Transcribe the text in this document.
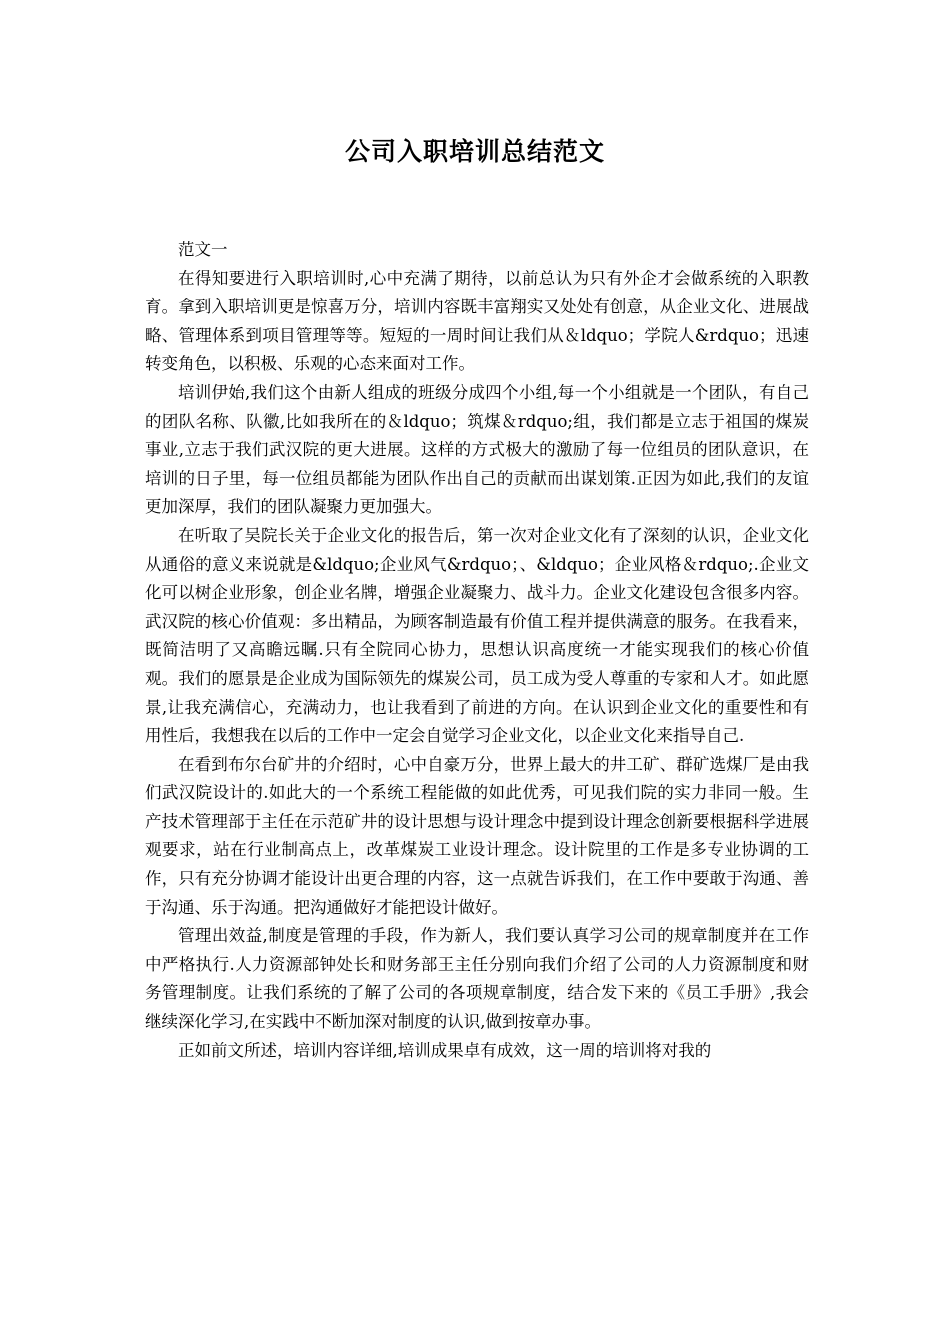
公司入职培训总结范文

范文一

在得知要进行入职培训时,心中充满了期待，以前总认为只有外企才会做系统的入职教育。拿到入职培训更是惊喜万分，培训内容既丰富翔实又处处有创意，从企业文化、进展战略、管理体系到项目管理等等。短短的一周时间让我们从＆ldquo；学院人&rdquo；迅速转变角色，以积极、乐观的心态来面对工作。

培训伊始,我们这个由新人组成的班级分成四个小组,每一个小组就是一个团队，有自己的团队名称、队徽,比如我所在的＆ldquo；筑煤＆rdquo;组，我们都是立志于祖国的煤炭事业,立志于我们武汉院的更大进展。这样的方式极大的激励了每一位组员的团队意识，在培训的日子里，每一位组员都能为团队作出自己的贡献而出谋划策.正因为如此,我们的友谊更加深厚，我们的团队凝聚力更加强大。

在听取了吴院长关于企业文化的报告后，第一次对企业文化有了深刻的认识，企业文化从通俗的意义来说就是&ldquo;企业风气&rdquo；、&ldquo；企业风格＆rdquo;.企业文化可以树企业形象，创企业名牌，增强企业凝聚力、战斗力。企业文化建设包含很多内容。武汉院的核心价值观：多出精品，为顾客制造最有价值工程并提供满意的服务。在我看来，既简洁明了又高瞻远瞩.只有全院同心协力，思想认识高度统一才能实现我们的核心价值观。我们的愿景是企业成为国际领先的煤炭公司，员工成为受人尊重的专家和人才。如此愿景,让我充满信心，充满动力，也让我看到了前进的方向。在认识到企业文化的重要性和有用性后，我想我在以后的工作中一定会自觉学习企业文化，以企业文化来指导自己.

在看到布尔台矿井的介绍时，心中自豪万分，世界上最大的井工矿、群矿选煤厂是由我们武汉院设计的.如此大的一个系统工程能做的如此优秀，可见我们院的实力非同一般。生产技术管理部于主任在示范矿井的设计思想与设计理念中提到设计理念创新要根据科学进展观要求，站在行业制高点上，改革煤炭工业设计理念。设计院里的工作是多专业协调的工作，只有充分协调才能设计出更合理的内容，这一点就告诉我们，在工作中要敢于沟通、善于沟通、乐于沟通。把沟通做好才能把设计做好。

管理出效益,制度是管理的手段，作为新人，我们要认真学习公司的规章制度并在工作中严格执行.人力资源部钟处长和财务部王主任分别向我们介绍了公司的人力资源制度和财务管理制度。让我们系统的了解了公司的各项规章制度，结合发下来的《员工手册》,我会继续深化学习,在实践中不断加深对制度的认识,做到按章办事。

正如前文所述，培训内容详细,培训成果卓有成效，这一周的培训将对我的
